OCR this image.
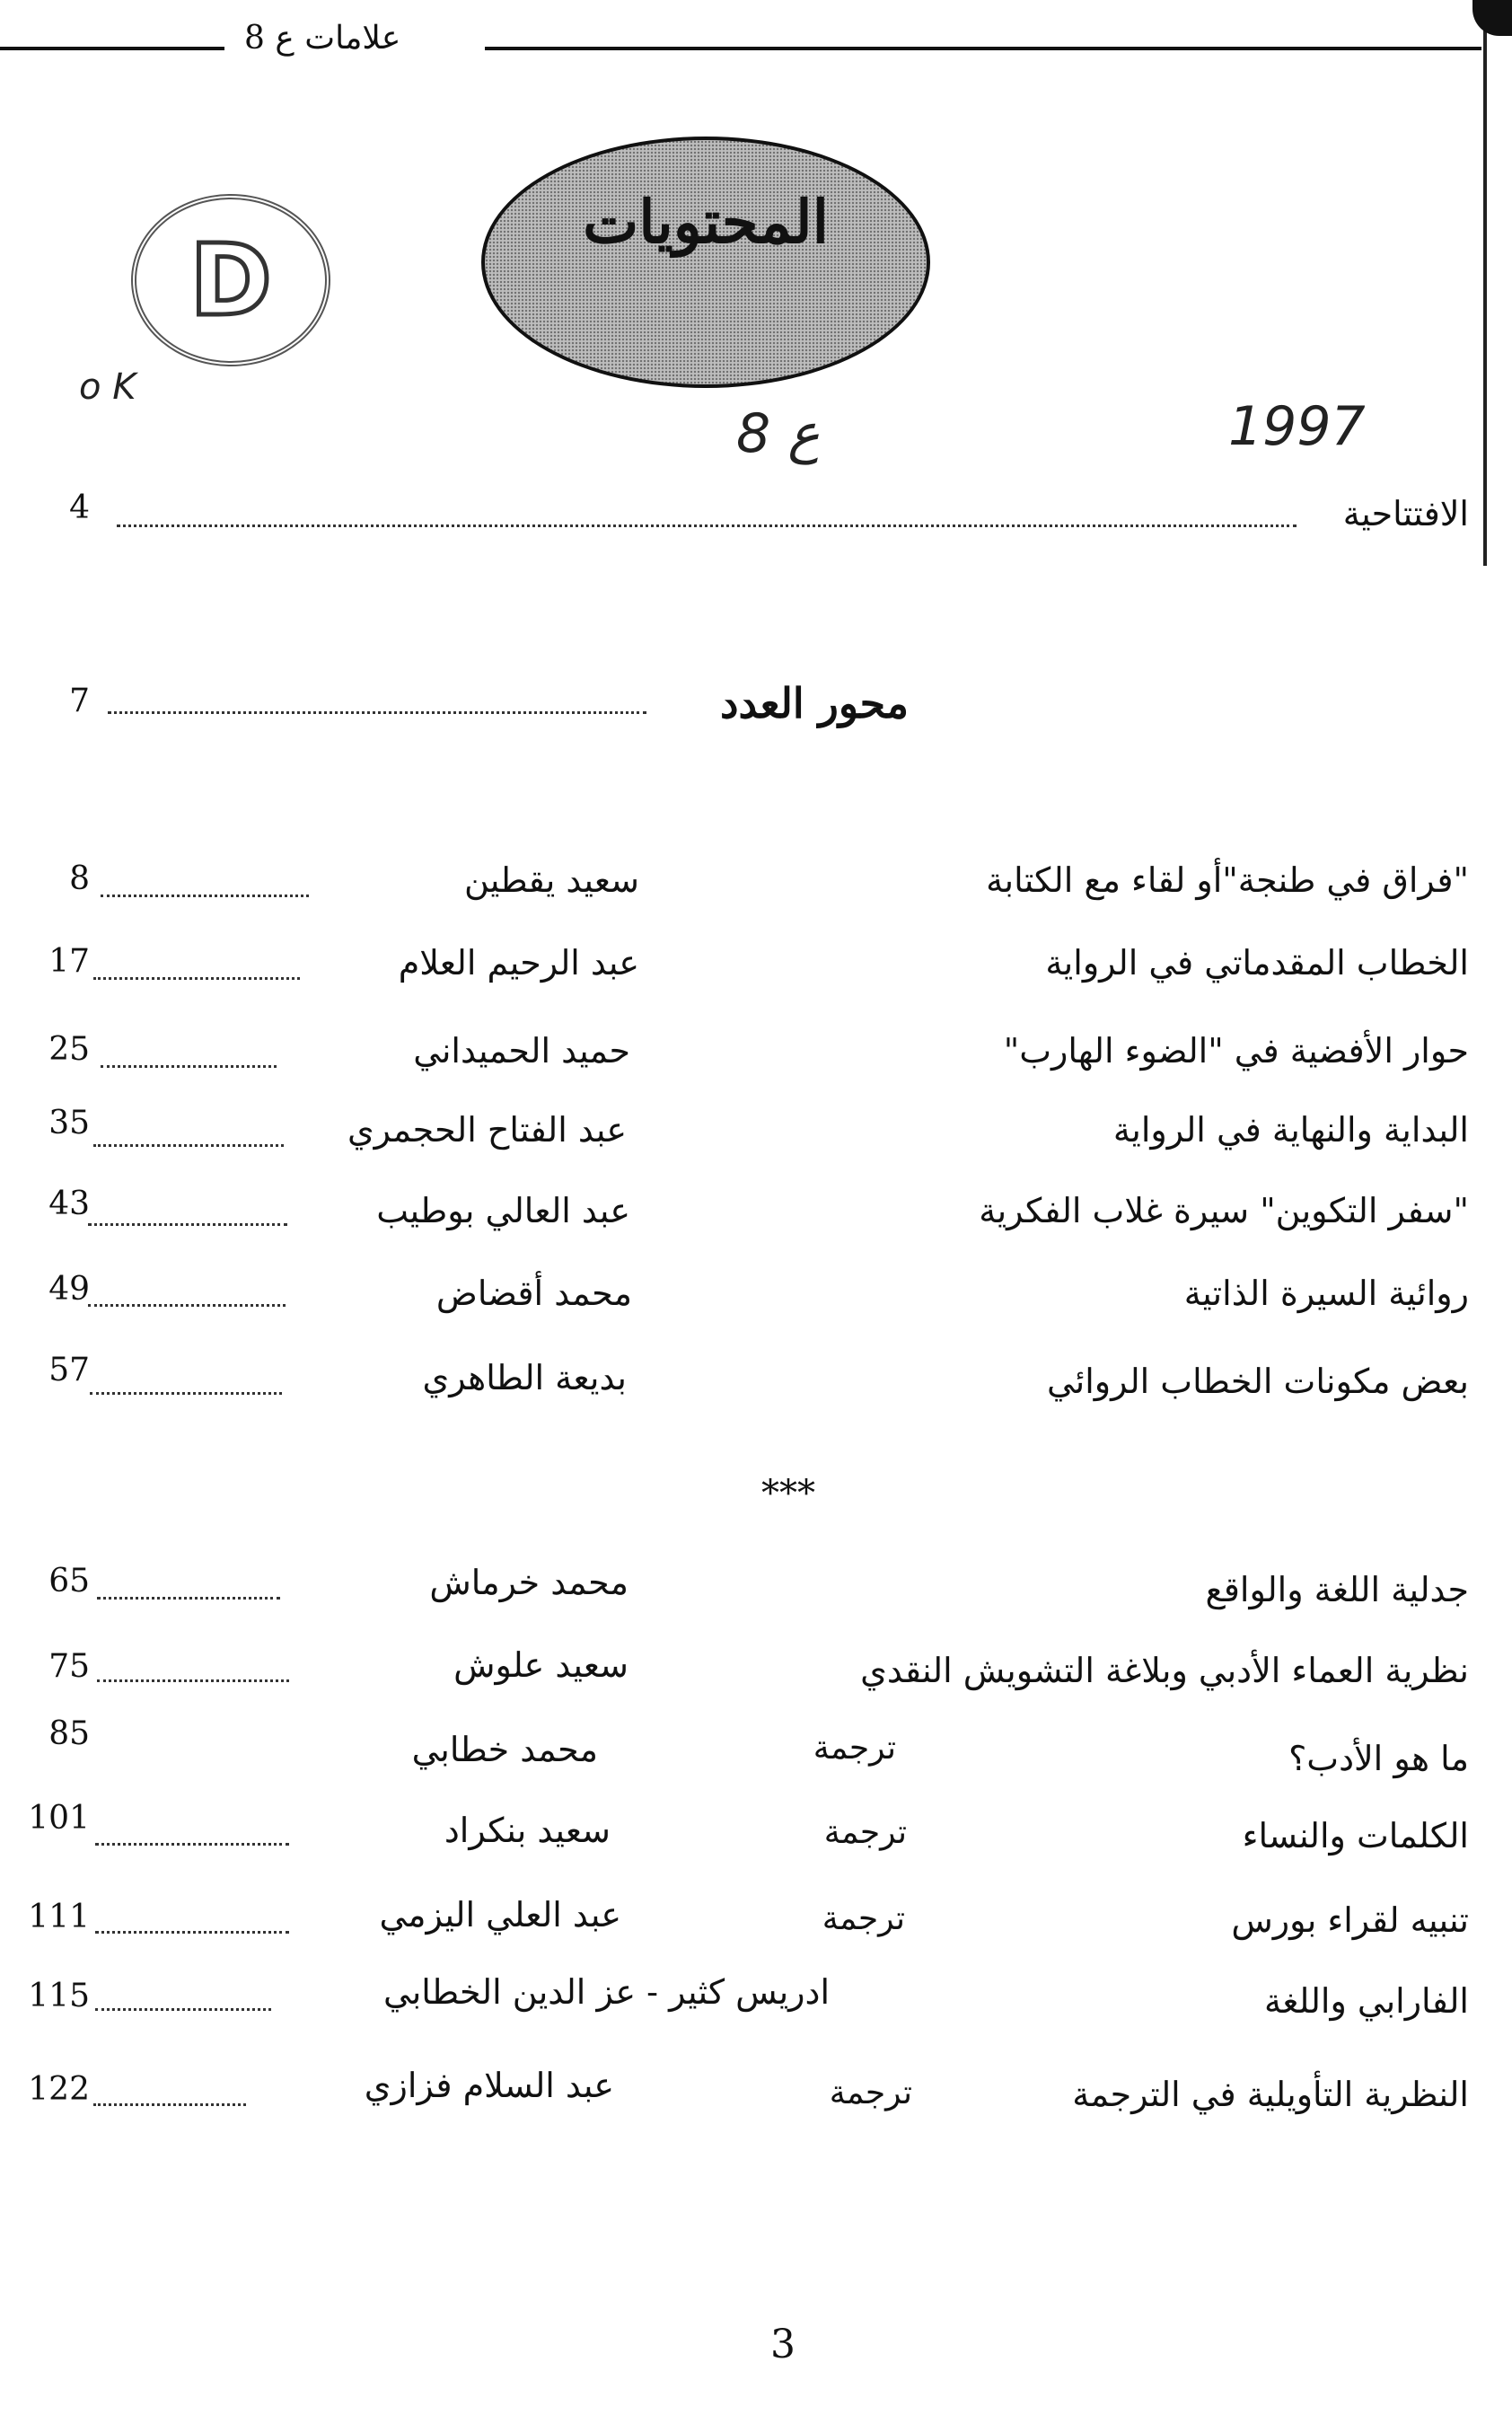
علامات ع 8
المحتويات
D
o K
ع 8	1997
الافتتاحية
4
محور العدد
7
"فراق في طنجة"أو لقاء مع الكتابة
سعيد يقطين
8
الخطاب المقدماتي في الرواية
عبد الرحيم العلام
17
حوار الأفضية في "الضوء الهارب"
حميد الحميداني
25
البداية والنهاية في الرواية
عبد الفتاح الحجمري
35
"سفر التكوين" سيرة غلاب الفكرية
عبد العالي بوطيب
43
روائية السيرة الذاتية
محمد أقضاض
49
بعض مكونات الخطاب الروائي
بديعة الطاهري
57
***
جدلية اللغة والواقع
محمد خرماش
65
نظرية العماء الأدبي وبلاغة التشويش النقدي
سعيد علوش
75
ما هو الأدب؟
ترجمة
محمد خطابي
85
الكلمات والنساء
ترجمة
سعيد بنكراد
101
تنبيه لقراء بورس
ترجمة
عبد العلي اليزمي
111
الفارابي واللغة
ادريس كثير - عز الدين الخطابي
115
النظرية التأويلية في الترجمة
ترجمة
عبد السلام فزازي
122
3
